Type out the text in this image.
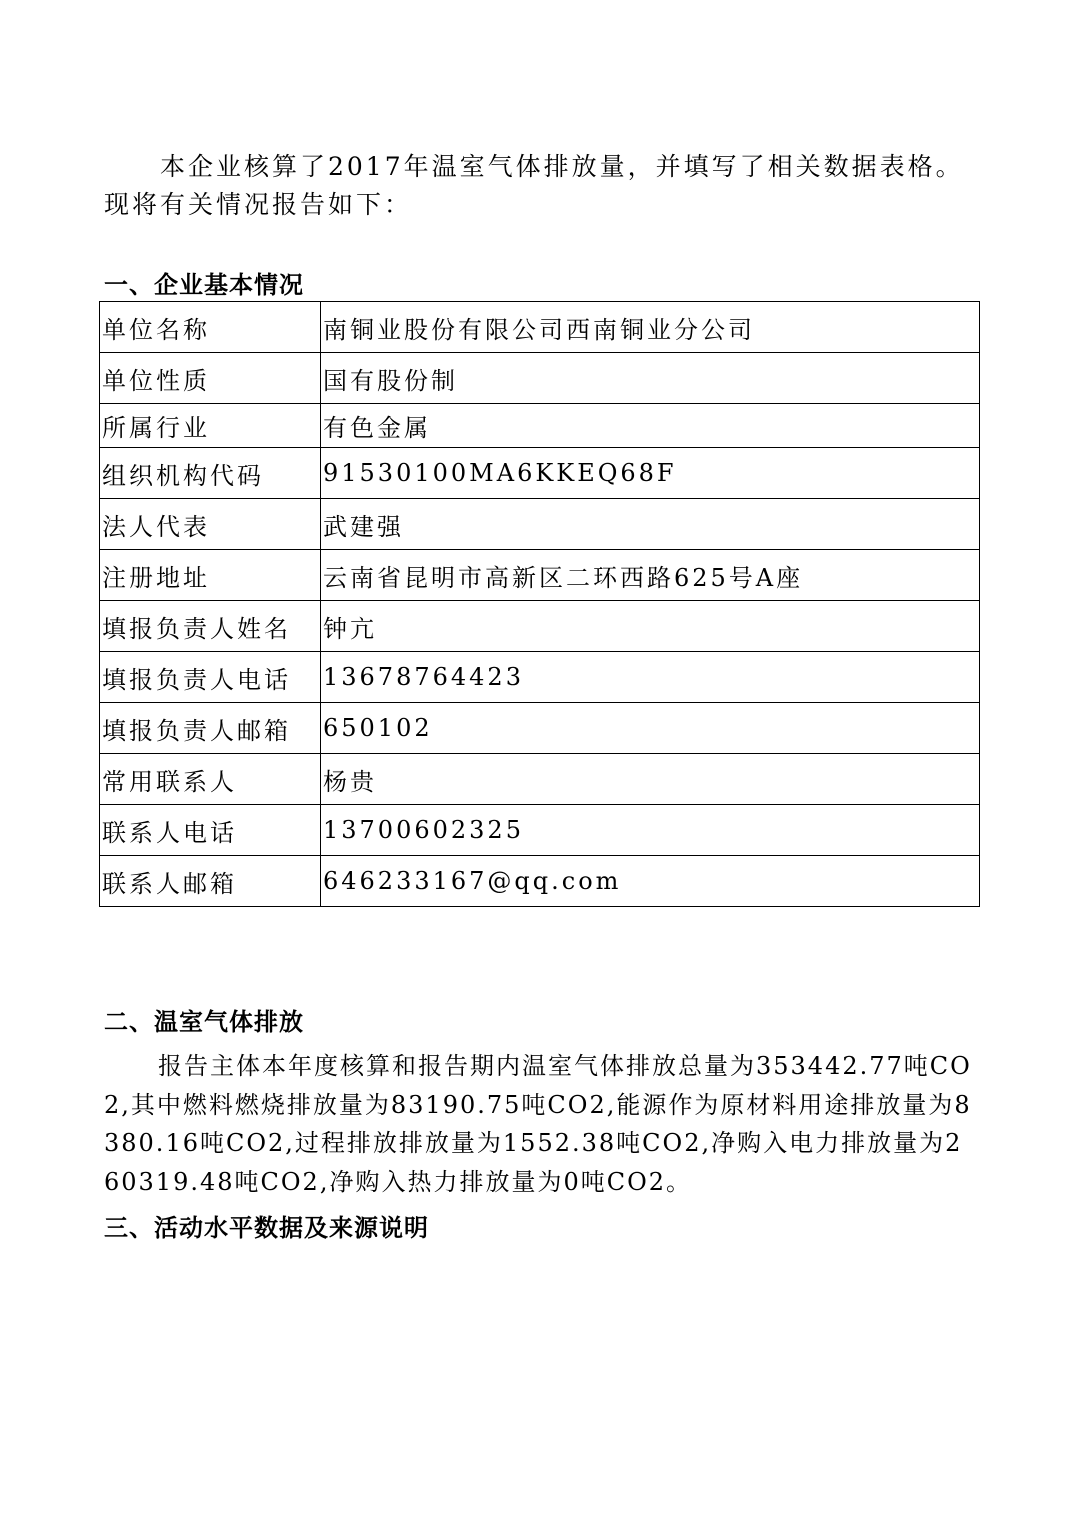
本企业核算了2017年温室气体排放量，并填写了相关数据表格。现将有关情况报告如下：

一、企业基本情况
单位名称	南铜业股份有限公司西南铜业分公司
单位性质	国有股份制
所属行业	有色金属
组织机构代码	91530100MA6KKEQ68F
法人代表	武建强
注册地址	云南省昆明市高新区二环西路625号A座
填报负责人姓名	钟亢
填报负责人电话	13678764423
填报负责人邮箱	650102
常用联系人	杨贵
联系人电话	13700602325
联系人邮箱	646233167@qq.com
二、温室气体排放

报告主体本年度核算和报告期内温室气体排放总量为353442.77吨CO2,其中燃料燃烧排放量为83190.75吨CO2,能源作为原材料用途排放量为8380.16吨CO2,过程排放排放量为1552.38吨CO2,净购入电力排放量为260319.48吨CO2,净购入热力排放量为0吨CO2。

三、活动水平数据及来源说明
